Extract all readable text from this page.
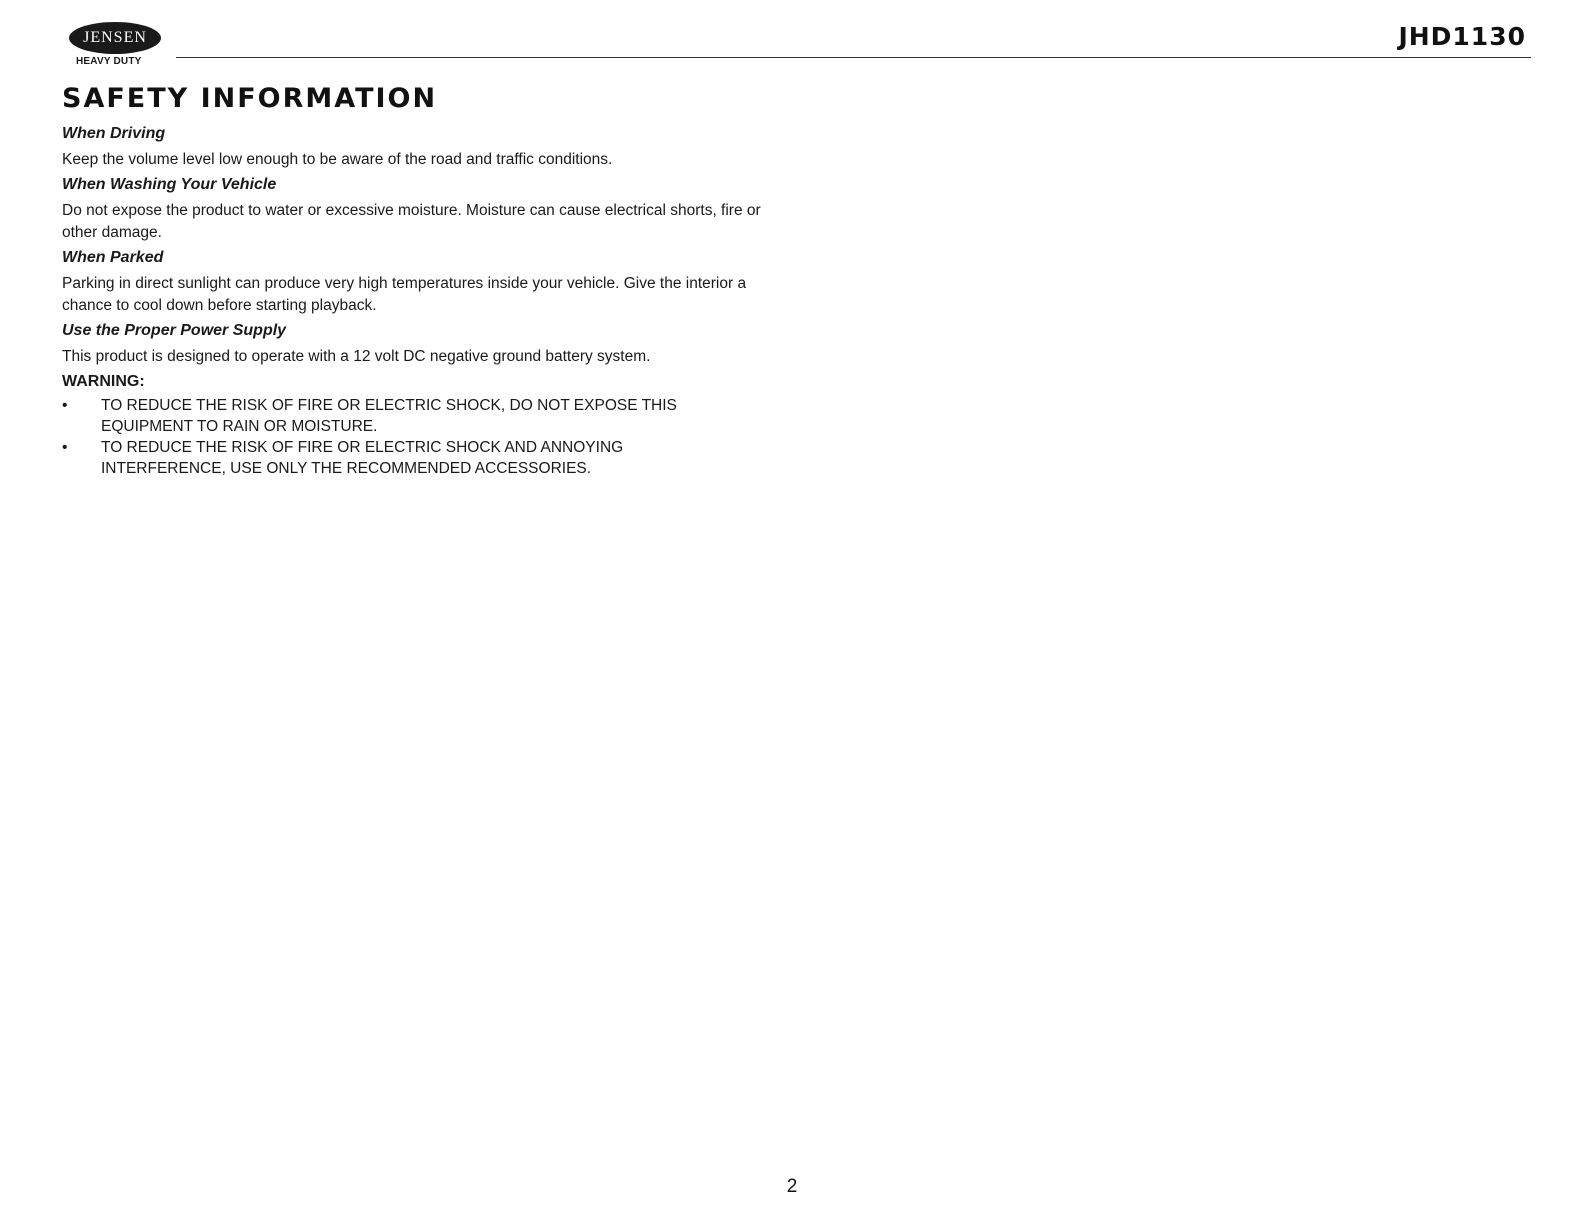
JENSEN
HEAVY DUTY
JHD1130
SAFETY INFORMATION

When Driving

Keep the volume level low enough to be aware of the road and traffic conditions.

When Washing Your Vehicle

Do not expose the product to water or excessive moisture. Moisture can cause electrical shorts, fire or other damage.

When Parked

Parking in direct sunlight can produce very high temperatures inside your vehicle. Give the interior a chance to cool down before starting playback.

Use the Proper Power Supply

This product is designed to operate with a 12 volt DC negative ground battery system.

WARNING:

• TO REDUCE THE RISK OF FIRE OR ELECTRIC SHOCK, DO NOT EXPOSE THIS EQUIPMENT TO RAIN OR MOISTURE.
• TO REDUCE THE RISK OF FIRE OR ELECTRIC SHOCK AND ANNOYING INTERFERENCE, USE ONLY THE RECOMMENDED ACCESSORIES.
2
